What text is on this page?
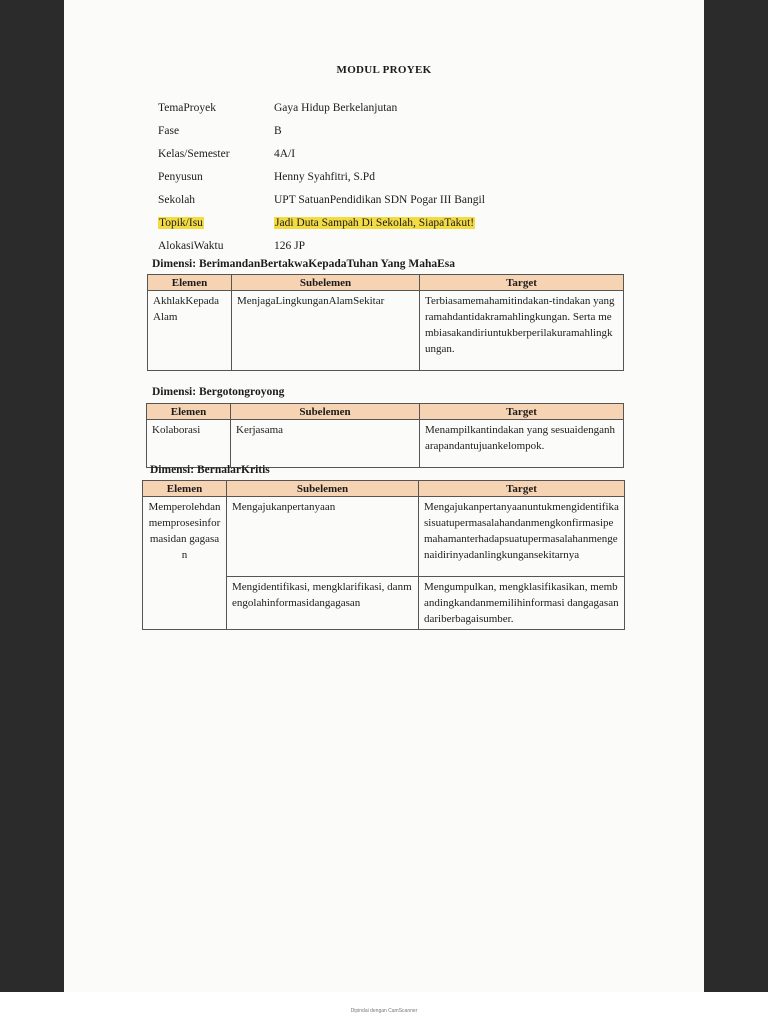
MODUL PROYEK
TemaProyek	Gaya Hidup Berkelanjutan
Fase	B
Kelas/Semester	4A/I
Penyusun	Henny Syahfitri, S.Pd
Sekolah	UPT SatuanPendidikan SDN Pogar III Bangil
Topik/Isu	Jadi Duta Sampah Di Sekolah, SiapaTakut!
AlokasiWaktu	126 JP
Dimensi: BerimandanBertakwaKepadaTuhan Yang MahaEsa
Elemen	Subelemen	Target
AkhlakKepadaAlam	MenjagaLingkunganAlamSekitar	Terbiasamemahamitindakan-tindakan yang ramahdantidakramahlingkungan. Serta membiasakandiriuntukberperilakuramahlingkungan.
Dimensi: Bergotongroyong
Elemen	Subelemen	Target
Kolaborasi	Kerjasama	Menampilkantindakan yang sesuaidenganharapandantujuankelompok.
Dimensi: BernalarKritis
Elemen	Subelemen	Target
Memperolehdanmemprosesinformasidan gagasan	Mengajukanpertanyaan	Mengajukanpertanyaanuntukmengidentifikasisuatupermasalahandanmengkonfirmasipemahamanterhadapsuatupermasalahanmengenaidirinyadanlingkungansekitarnya
	Mengidentifikasi, mengklarifikasi, danmengolahinformasidangagasan	Mengumpulkan, mengklasifikasikan, membandingkandanmemilihinformasi dangagasandariberbagaisumber.
Dipindai dengan CamScanner
